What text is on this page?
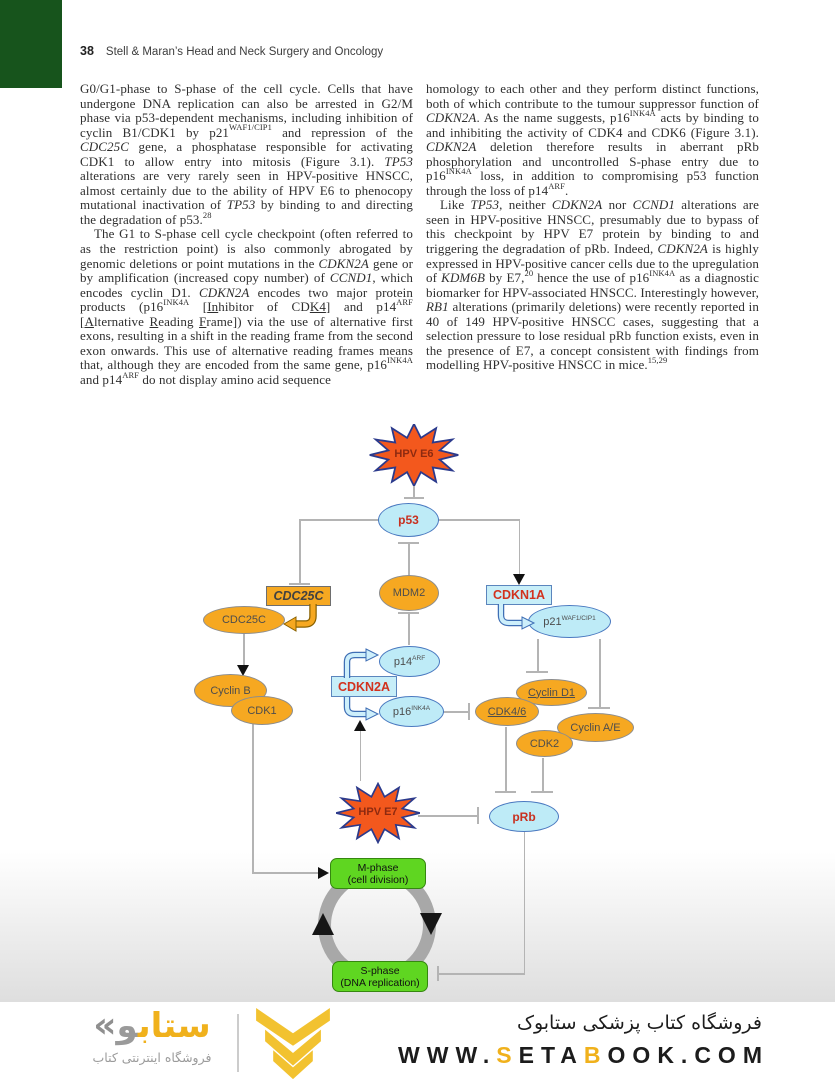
38 Stell & Maran’s Head and Neck Surgery and Oncology

G0/G1-phase to S-phase of the cell cycle. Cells that have undergone DNA replication can also be arrested in G2/M phase via p53-dependent mechanisms, including inhibition of cyclin B1/CDK1 by $p21^{WAF1/CIP1}$ and repression of the CDC25C gene, a phosphatase responsible for activating CDK1 to allow entry into mitosis (Figure 3.1). TP53 alterations are very rarely seen in HPV-positive HNSCC, almost certainly due to the ability of HPV E6 to phenocopy mutational inactivation of TP53 by binding to and directing the degradation of p53.28

The G1 to S-phase cell cycle checkpoint (often referred to as the restriction point) is also commonly abrogated by genomic deletions or point mutations in the CDKN2A gene or by amplification (increased copy number) of CCND1, which encodes cyclin D1. CDKN2A encodes two major protein products ($p16^{INK4A}$ [Inhibitor of CDK4] and $p14^{ARF}$ [Alternative Reading Frame]) via the use of alternative first exons, resulting in a shift in the reading frame from the second exon onwards. This use of alternative reading frames means that, although they are encoded from the same gene, $p16^{INK4A}$ and $p14^{ARF}$ do not display amino acid sequence

homology to each other and they perform distinct functions, both of which contribute to the tumour suppressor function of CDKN2A. As the name suggests, $p16^{INK4A}$ acts by binding to and inhibiting the activity of CDK4 and CDK6 (Figure 3.1). CDKN2A deletion therefore results in aberrant pRb phosphorylation and uncontrolled S-phase entry due to $p16^{INK4A}$ loss, in addition to compromising p53 function through the loss of $p14^{ARF}$.

Like TP53, neither CDKN2A nor CCND1 alterations are seen in HPV-positive HNSCC, presumably due to bypass of this checkpoint by HPV E7 protein by binding to and triggering the degradation of pRb. Indeed, CDKN2A is highly expressed in HPV-positive cancer cells due to the upregulation of KDM6B by E7,20 hence the use of $p16^{INK4A}$ as a diagnostic biomarker for HPV-associated HNSCC. Interestingly however, RB1 alterations (primarily deletions) were recently reported in 40 of 149 HPV-positive HNSCC cases, suggesting that a selection pressure to lose residual pRb function exists, even in the presence of E7, a concept consistent with findings from modelling HPV-positive HNSCC in mice.$^{15,29}$

HPV E6
HPV E7
p53
CDC25C
CDC25C
MDM2	CDKN1A
$p21^{WAF1/CIP1}$
$p14^{ARF}$
CDKN2A
$p16^{INK4A}$
Cyclin B
CDK1
Cyclin D1
CDK4/6
Cyclin A/E
CDK2
pRb
M-phase
(cell division)
S-phase
(DNA replication)
« ستابو
فروشگاه اینترنتی کتاب
فروشگاه کتاب پزشکی ستابوک
WWW.SETABOOK.COM
